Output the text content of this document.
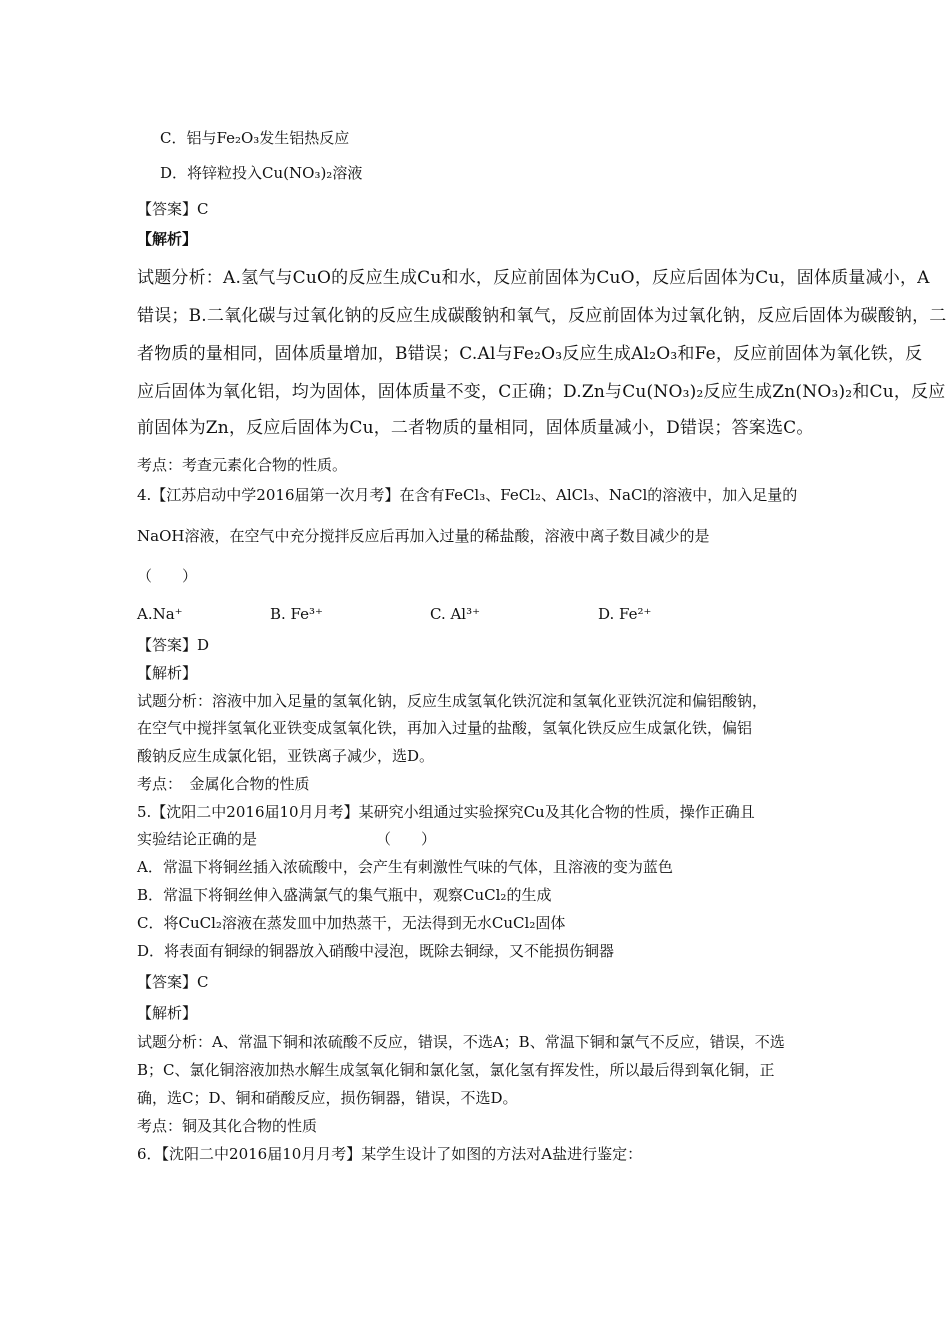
C．铝与Fe₂O₃发生铝热反应
D．将锌粒投入Cu(NO₃)₂溶液
【答案】C
【解析】
试题分析：A.氢气与CuO的反应生成Cu和水，反应前固体为CuO，反应后固体为Cu，固体质量减小，A
错误；B.二氧化碳与过氧化钠的反应生成碳酸钠和氧气，反应前固体为过氧化钠，反应后固体为碳酸钠，二
者物质的量相同，固体质量增加，B错误；C.Al与Fe₂O₃反应生成Al₂O₃和Fe，反应前固体为氧化铁，反
应后固体为氧化铝，均为固体，固体质量不变，C正确；D.Zn与Cu(NO₃)₂反应生成Zn(NO₃)₂和Cu，反应
前固体为Zn，反应后固体为Cu，二者物质的量相同，固体质量减小，D错误；答案选C。
考点：考查元素化合物的性质。
4.【江苏启动中学2016届第一次月考】在含有FeCl₃、FeCl₂、AlCl₃、NaCl的溶液中，加入足量的
NaOH溶液，在空气中充分搅拌反应后再加入过量的稀盐酸，溶液中离子数目减少的是
（　　）
A.Na⁺	B. Fe³⁺	C. Al³⁺	D. Fe²⁺
【答案】D
【解析】
试题分析：溶液中加入足量的氢氧化钠，反应生成氢氧化铁沉淀和氢氧化亚铁沉淀和偏铝酸钠，
在空气中搅拌氢氧化亚铁变成氢氧化铁，再加入过量的盐酸，氢氧化铁反应生成氯化铁，偏铝
酸钠反应生成氯化铝，亚铁离子减少，选D。
考点：　金属化合物的性质
5.【沈阳二中2016届10月月考】某研究小组通过实验探究Cu及其化合物的性质，操作正确且
实验结论正确的是	（　　）
A．常温下将铜丝插入浓硫酸中，会产生有刺激性气味的气体，且溶液的变为蓝色
B．常温下将铜丝伸入盛满氯气的集气瓶中，观察CuCl₂的生成
C．将CuCl₂溶液在蒸发皿中加热蒸干，无法得到无水CuCl₂固体
D．将表面有铜绿的铜器放入硝酸中浸泡，既除去铜绿，又不能损伤铜器
【答案】C
【解析】
试题分析：A、常温下铜和浓硫酸不反应，错误，不选A；B、常温下铜和氯气不反应，错误，不选
B；C、氯化铜溶液加热水解生成氢氧化铜和氯化氢，氯化氢有挥发性，所以最后得到氧化铜，正
确，选C；D、铜和硝酸反应，损伤铜器，错误，不选D。
考点：铜及其化合物的性质
6．【沈阳二中2016届10月月考】某学生设计了如图的方法对A盐进行鉴定：
